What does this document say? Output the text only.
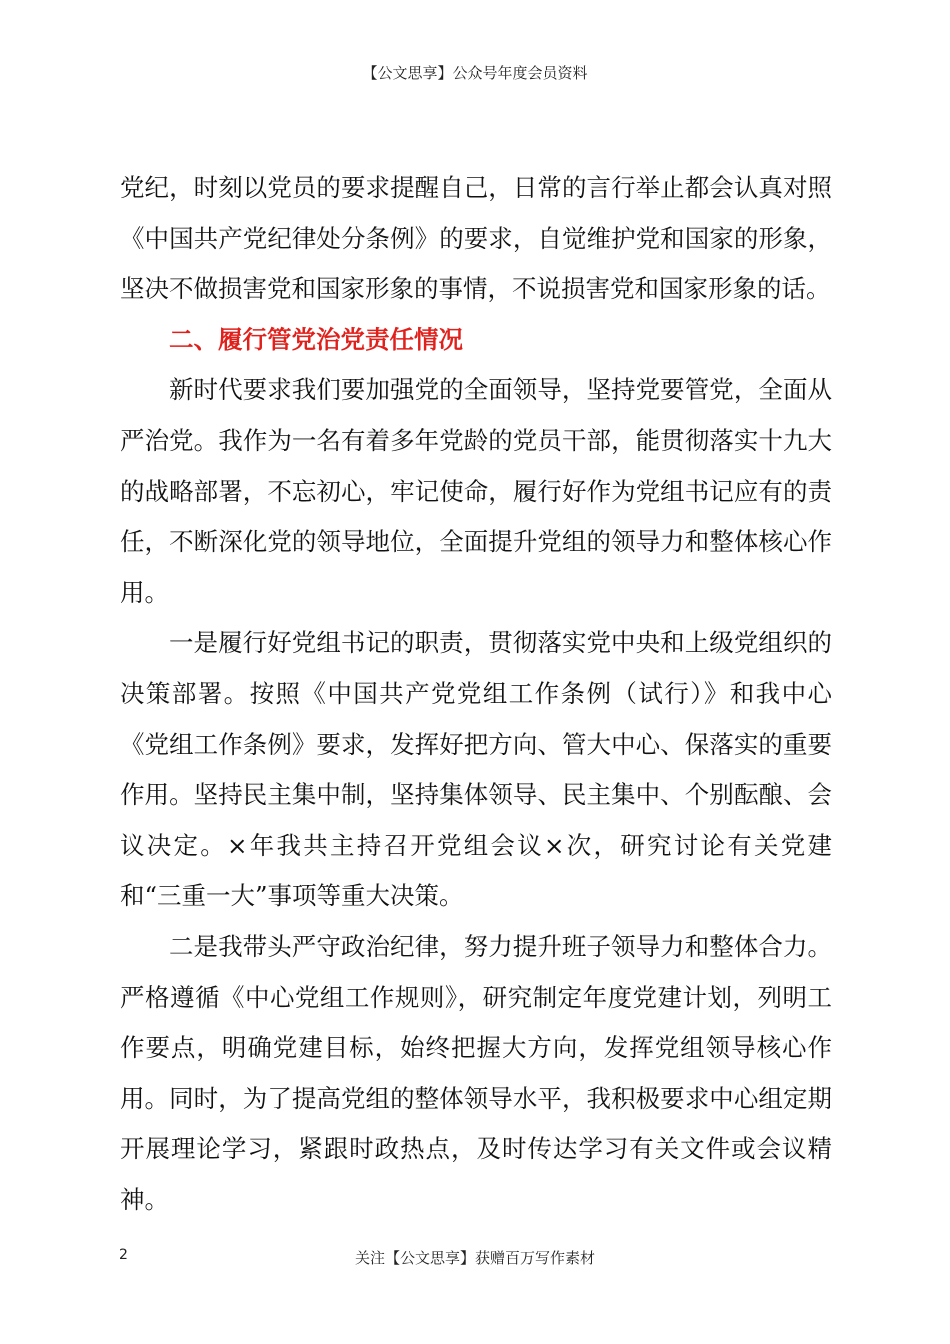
【公文思享】公众号年度会员资料

党纪，时刻以党员的要求提醒自己，日常的言行举止都会认真对照《中国共产党纪律处分条例》的要求，自觉维护党和国家的形象，坚决不做损害党和国家形象的事情，不说损害党和国家形象的话。

二、履行管党治党责任情况

新时代要求我们要加强党的全面领导，坚持党要管党，全面从严治党。我作为一名有着多年党龄的党员干部，能贯彻落实十九大的战略部署，不忘初心，牢记使命，履行好作为党组书记应有的责任，不断深化党的领导地位，全面提升党组的领导力和整体核心作用。

一是履行好党组书记的职责，贯彻落实党中央和上级党组织的决策部署。按照《中国共产党党组工作条例（试行）》和我中心《党组工作条例》要求，发挥好把方向、管大中心、保落实的重要作用。坚持民主集中制，坚持集体领导、民主集中、个别酝酿、会议决定。×年我共主持召开党组会议×次，研究讨论有关党建和“三重一大”事项等重大决策。

二是我带头严守政治纪律，努力提升班子领导力和整体合力。严格遵循《中心党组工作规则》，研究制定年度党建计划，列明工作要点，明确党建目标，始终把握大方向，发挥党组领导核心作用。同时，为了提高党组的整体领导水平，我积极要求中心组定期开展理论学习，紧跟时政热点，及时传达学习有关文件或会议精神。

2	关注【公文思享】获赠百万写作素材
